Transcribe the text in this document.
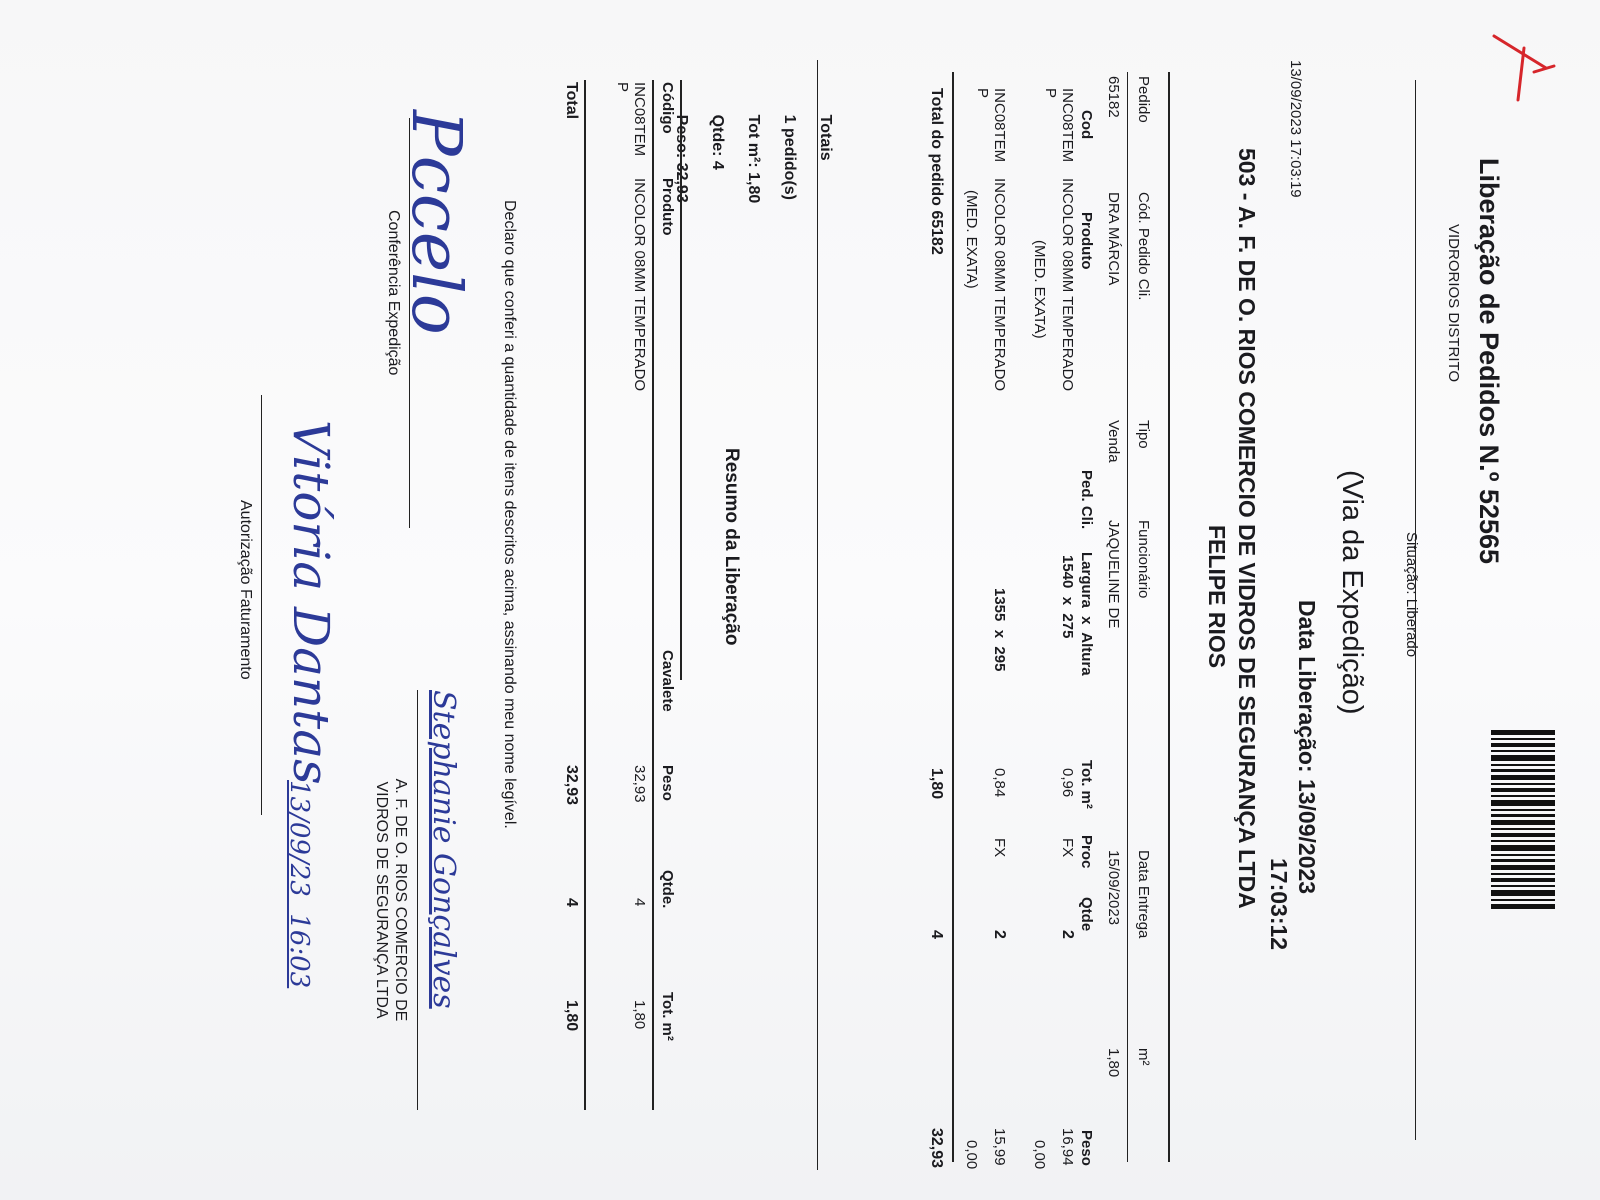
Liberação de Pedidos N.º 52565
VIDRORIOS DISTRITO
Situação: Liberado
(Via da Expedição)
Data Liberação: 13/09/2023
17:03:12
13/09/2023 17:03:19
503 - A. F. DE O. RIOS COMERCIO DE VIDROS DE SEGURANÇA LTDA
FELIPE RIOS
Pedido
Cód. Pedido Cli.
Tipo
Funcionário
Data Entrega
m²
65182
DRA MÁRCIA
Venda
JAQUELINE DE
15/09/2023
1,80
Cod
Produto
Ped. Cli.
Largura  x  Altura
Tot. m²
Proc
Qtde
Peso
INC08TEM
P
INCOLOR 08MM TEMPERADO
(MED. EXATA)
1540  x  275
0,96
FX
2
16,94
0,00
INC08TEM
P
INCOLOR 08MM TEMPERADO
(MED. EXATA)
1355  x  295
0,84
FX
2
15,99
0,00
Total do pedido 65182
1,80
4
32,93

Totais

1 pedido(s)

Tot m²: 1,80

Qtde: 4

Peso: 32,93

Resumo da Liberação
Código
Produto
Cavalete
Peso
Qtde.
Tot. m²
INC08TEM
P
INCOLOR 08MM TEMPERADO
32,93
4
1,80
Total
32,93
4
1,80
Declaro que conferi a quantidade de itens descritos acima, assinando meu nome legível.
Pccelo
Conferência Expedição
Stephanie Gonçalves
A. F. DE O. RIOS COMERCIO DE
VIDROS DE SEGURANÇA LTDA
Vitória Dantas
13/09/23  16:03
Autorização Faturamento
